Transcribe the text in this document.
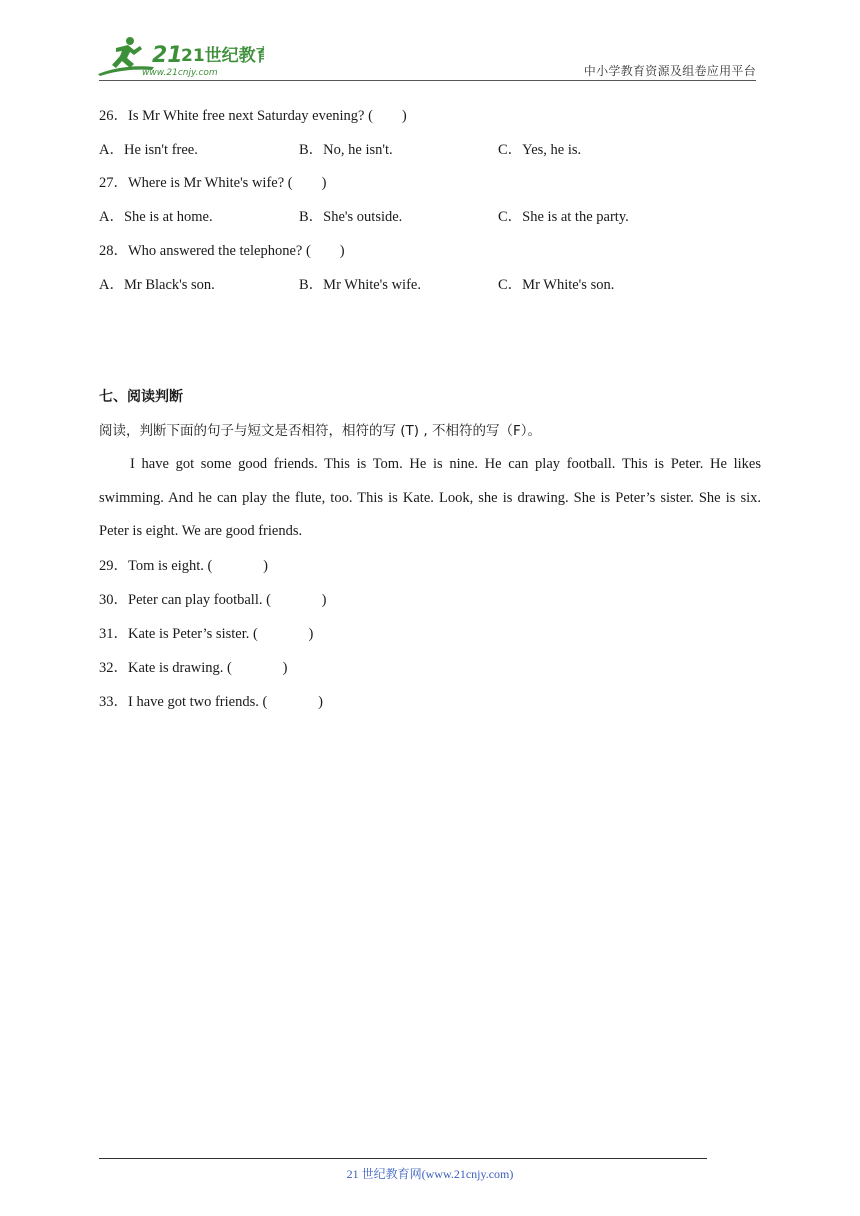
21
21世纪教育
www.21cnjy.com	中小学教育资源及组卷应用平台
26．Is Mr White free next Saturday evening? (        )
A．He isn't free.	B．No, he isn't.	C．Yes, he is.
27．Where is Mr White's wife? (        )
A．She is at home.	B．She's outside.	C．She is at the party.
28．Who answered the telephone? (        )
A．Mr Black's son.	B．Mr White's wife.	C．Mr White's son.
七、阅读判断
阅读，判断下面的句子与短文是否相符，相符的写 (T) , 不相符的写（F）。
I have got some good friends. This is Tom. He is nine. He can play football. This is Peter. He likes swimming. And he can play the flute, too. This is Kate. Look, she is drawing. She is Peter’s sister. She is six. Peter is eight. We are good friends.
29．Tom is eight. (              )
30．Peter can play football. (              )
31．Kate is Peter’s sister. (              )
32．Kate is drawing. (              )
33．I have got two friends. (              )
21 世纪教育网(www.21cnjy.com)
